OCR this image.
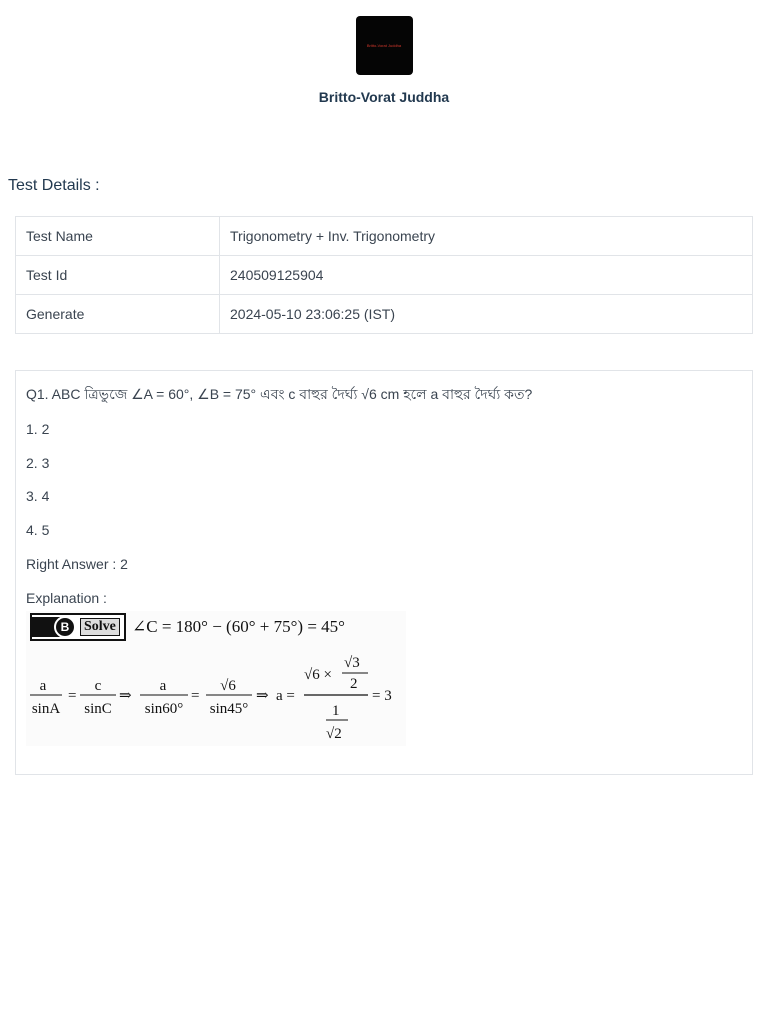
Britto-Vorat Juddha
Britto-Vorat Juddha
Test Details :
Test Name	Trigonometry + Inv. Trigonometry
Test Id	240509125904
Generate	2024-05-10 23:06:25 (IST)
Q1. ABC ত্রিভুজে ∠A = 60°, ∠B = 75° এবং c বাহুর দৈর্ঘ্য √6 cm হলে a বাহুর দৈর্ঘ্য কত?
1. 2
2. 3
3. 4
4. 5
Right Answer : 2
Explanation :
B	Solve ∠C = 180° − (60° + 75°) = 45°
a
sinA
=
c
sinC
⇒
a
sin60°
=
√6
sin45°
⇒ a =
√6 ×
√3
2
1
√2
= 3
